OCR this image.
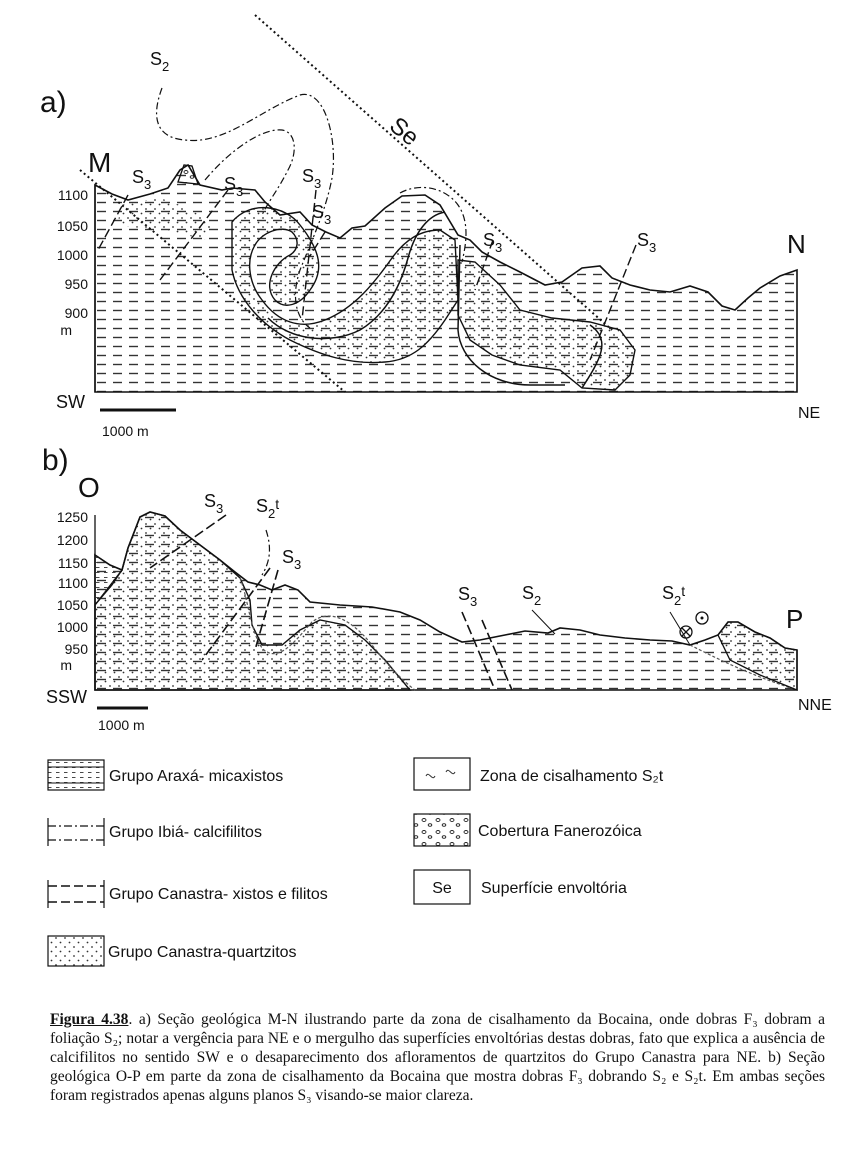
a)
M
N
1100
1050
1000
950
900
m
Se
$S_2$
$S_3$	$S_3$
$S_3$
$S_3$
$S_3$	$S_3$
SW
NE
1000 m
b)
O
P
1250
1200
1150
1100
1050
1000
950
m
$S_3$ $S_2^t$
$S_3$
$S_3$ $S_2$	$S_2^t$
SSW	NNE
1000 m
Grupo Araxá- micaxistos
Grupo Ibiá- calcifilitos
Grupo Canastra- xistos e filitos
Grupo Canastra-quartzitos
Zona de cisalhamento S₂t
Cobertura Fanerozóica
Se Superfície envoltória
Figura 4.38. a) Seção geológica M-N ilustrando parte da zona de cisalhamento da Bocaina, onde dobras F₃ dobram a foliação S₂; notar a vergência para NE e o mergulho das superfícies envoltórias destas dobras, fato que explica a ausência de calcifilitos no sentido SW e o desaparecimento dos afloramentos de quartzitos do Grupo Canastra para NE. b) Seção geológica O-P em parte da zona de cisalhamento da Bocaina que mostra dobras F₃ dobrando S₂ e S₂t. Em ambas seções foram registrados apenas alguns planos S₃ visando-se maior clareza.
